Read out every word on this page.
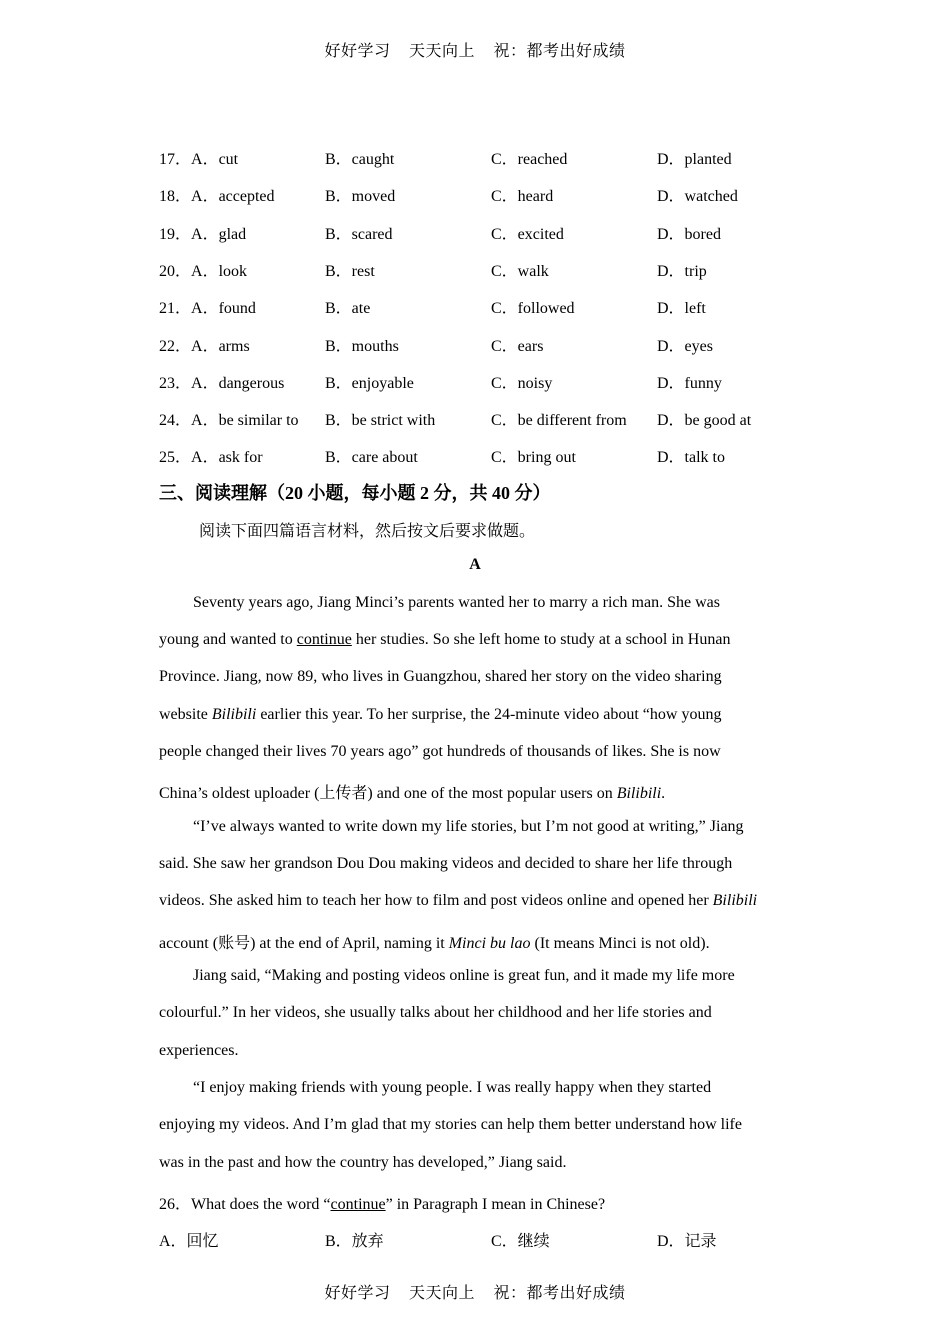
好好学习 天天向上 祝：都考出好成绩
17．A．cut	B．caught	C．reached	D．planted
18．A．accepted	B．moved	C．heard	D．watched
19．A．glad	B．scared	C．excited	D．bored
20．A．look	B．rest	C．walk	D．trip
21．A．found	B．ate	C．followed	D．left
22．A．arms	B．mouths	C．ears	D．eyes
23．A．dangerous	B．enjoyable	C．noisy	D．funny
24．A．be similar to B．be strict with	C．be different from D．be good at
25．A．ask for	B．care about	C．bring out	D．talk to
三、阅读理解（20 小题，每小题 2 分，共 40 分）
阅读下面四篇语言材料，然后按文后要求做题。
A
Seventy years ago, Jiang Minci’s parents wanted her to marry a rich man. She was
young and wanted to continue her studies. So she left home to study at a school in Hunan
Province. Jiang, now 89, who lives in Guangzhou, shared her story on the video sharing
website Bilibili earlier this year. To her surprise, the 24-minute video about “how young
people changed their lives 70 years ago” got hundreds of thousands of likes. She is now
China’s oldest uploader (上传者) and one of the most popular users on Bilibili.
“I’ve always wanted to write down my life stories, but I’m not good at writing,” Jiang
said. She saw her grandson Dou Dou making videos and decided to share her life through
videos. She asked him to teach her how to film and post videos online and opened her Bilibili
account (账号) at the end of April, naming it Minci bu lao (It means Minci is not old).
Jiang said, “Making and posting videos online is great fun, and it made my life more
colourful.” In her videos, she usually talks about her childhood and her life stories and
experiences.
“I enjoy making friends with young people. I was really happy when they started
enjoying my videos. And I’m glad that my stories can help them better understand how life
was in the past and how the country has developed,” Jiang said.
26．What does the word “continue” in Paragraph I mean in Chinese?
A．回忆	B．放弃	C．继续	D．记录
好好学习 天天向上 祝：都考出好成绩
